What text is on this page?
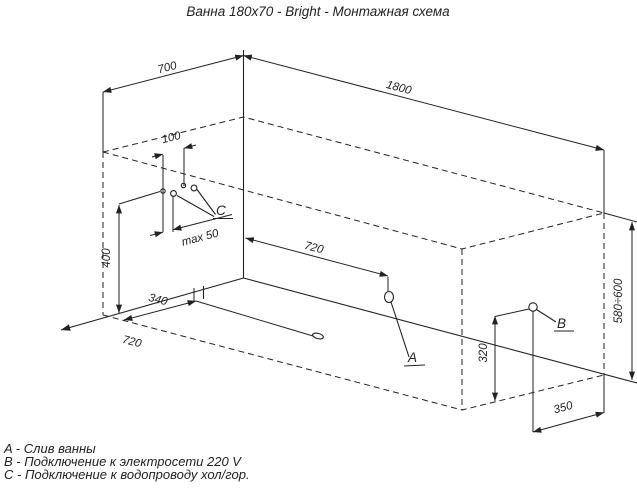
Ванна 180x70 - Bright - Монтажная схема
700
1800
100
max 50
400
720
340
720
320
350
580÷600
A
B
C
A - Слив ванны
B - Подключение к электросети 220 V
C - Подключение к водопроводу хол/гор.
